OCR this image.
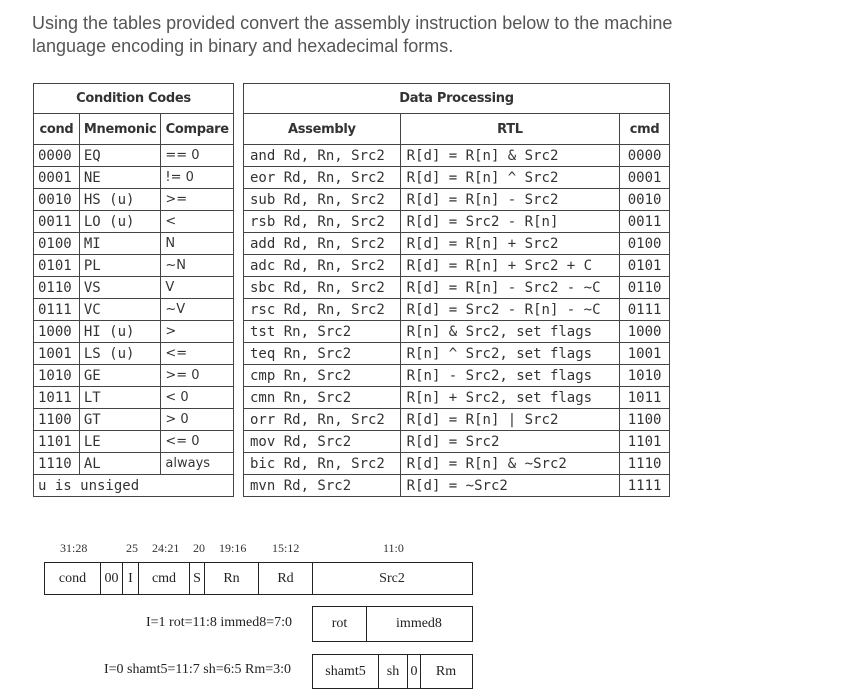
Using the tables provided convert the assembly instruction below to the machine
language encoding in binary and hexadecimal forms.
Condition Codes		
cond	Mnemonic	Compare
0000	EQ	== 0
0001	NE	!= 0
0010	HS (u)	>=
0011	LO (u)	<
0100	MI	N
0101	PL	~N
0110	VS	V
0111	VC	~V
1000	HI (u)	>
1001	LS (u)	<=
1010	GE	>= 0
1011	LT	< 0
1100	GT	> 0
1101	LE	<= 0
1110	AL	always
u is unsiged		
Data Processing		
Assembly	RTL	cmd
and Rd, Rn, Src2	R[d] = R[n] & Src2	0000
eor Rd, Rn, Src2	R[d] = R[n] ^ Src2	0001
sub Rd, Rn, Src2	R[d] = R[n] - Src2	0010
rsb Rd, Rn, Src2	R[d] = Src2 - R[n]	0011
add Rd, Rn, Src2	R[d] = R[n] + Src2	0100
adc Rd, Rn, Src2	R[d] = R[n] + Src2 + C	0101
sbc Rd, Rn, Src2	R[d] = R[n] - Src2 - ~C	0110
rsc Rd, Rn, Src2	R[d] = Src2 - R[n] - ~C	0111
tst Rn, Src2	R[n] & Src2, set flags	1000
teq Rn, Src2	R[n] ^ Src2, set flags	1001
cmp Rn, Src2	R[n] - Src2, set flags	1010
cmn Rn, Src2	R[n] + Src2, set flags	1011
orr Rd, Rn, Src2	R[d] = R[n] | Src2	1100
mov Rd, Src2	R[d] = Src2	1101
bic Rd, Rn, Src2	R[d] = R[n] & ~Src2	1110
mvn Rd, Src2	R[d] = ~Src2	1111
31:28	25 24:21 20 19:16 15:12	11:0
cond	00 I	cmd	S	Rn	Rd	Src2
I=1 rot=11:8 immed8=7:0	rot	immed8
I=0 shamt5=11:7 sh=6:5 Rm=3:0	shamt5	sh 0	Rm
